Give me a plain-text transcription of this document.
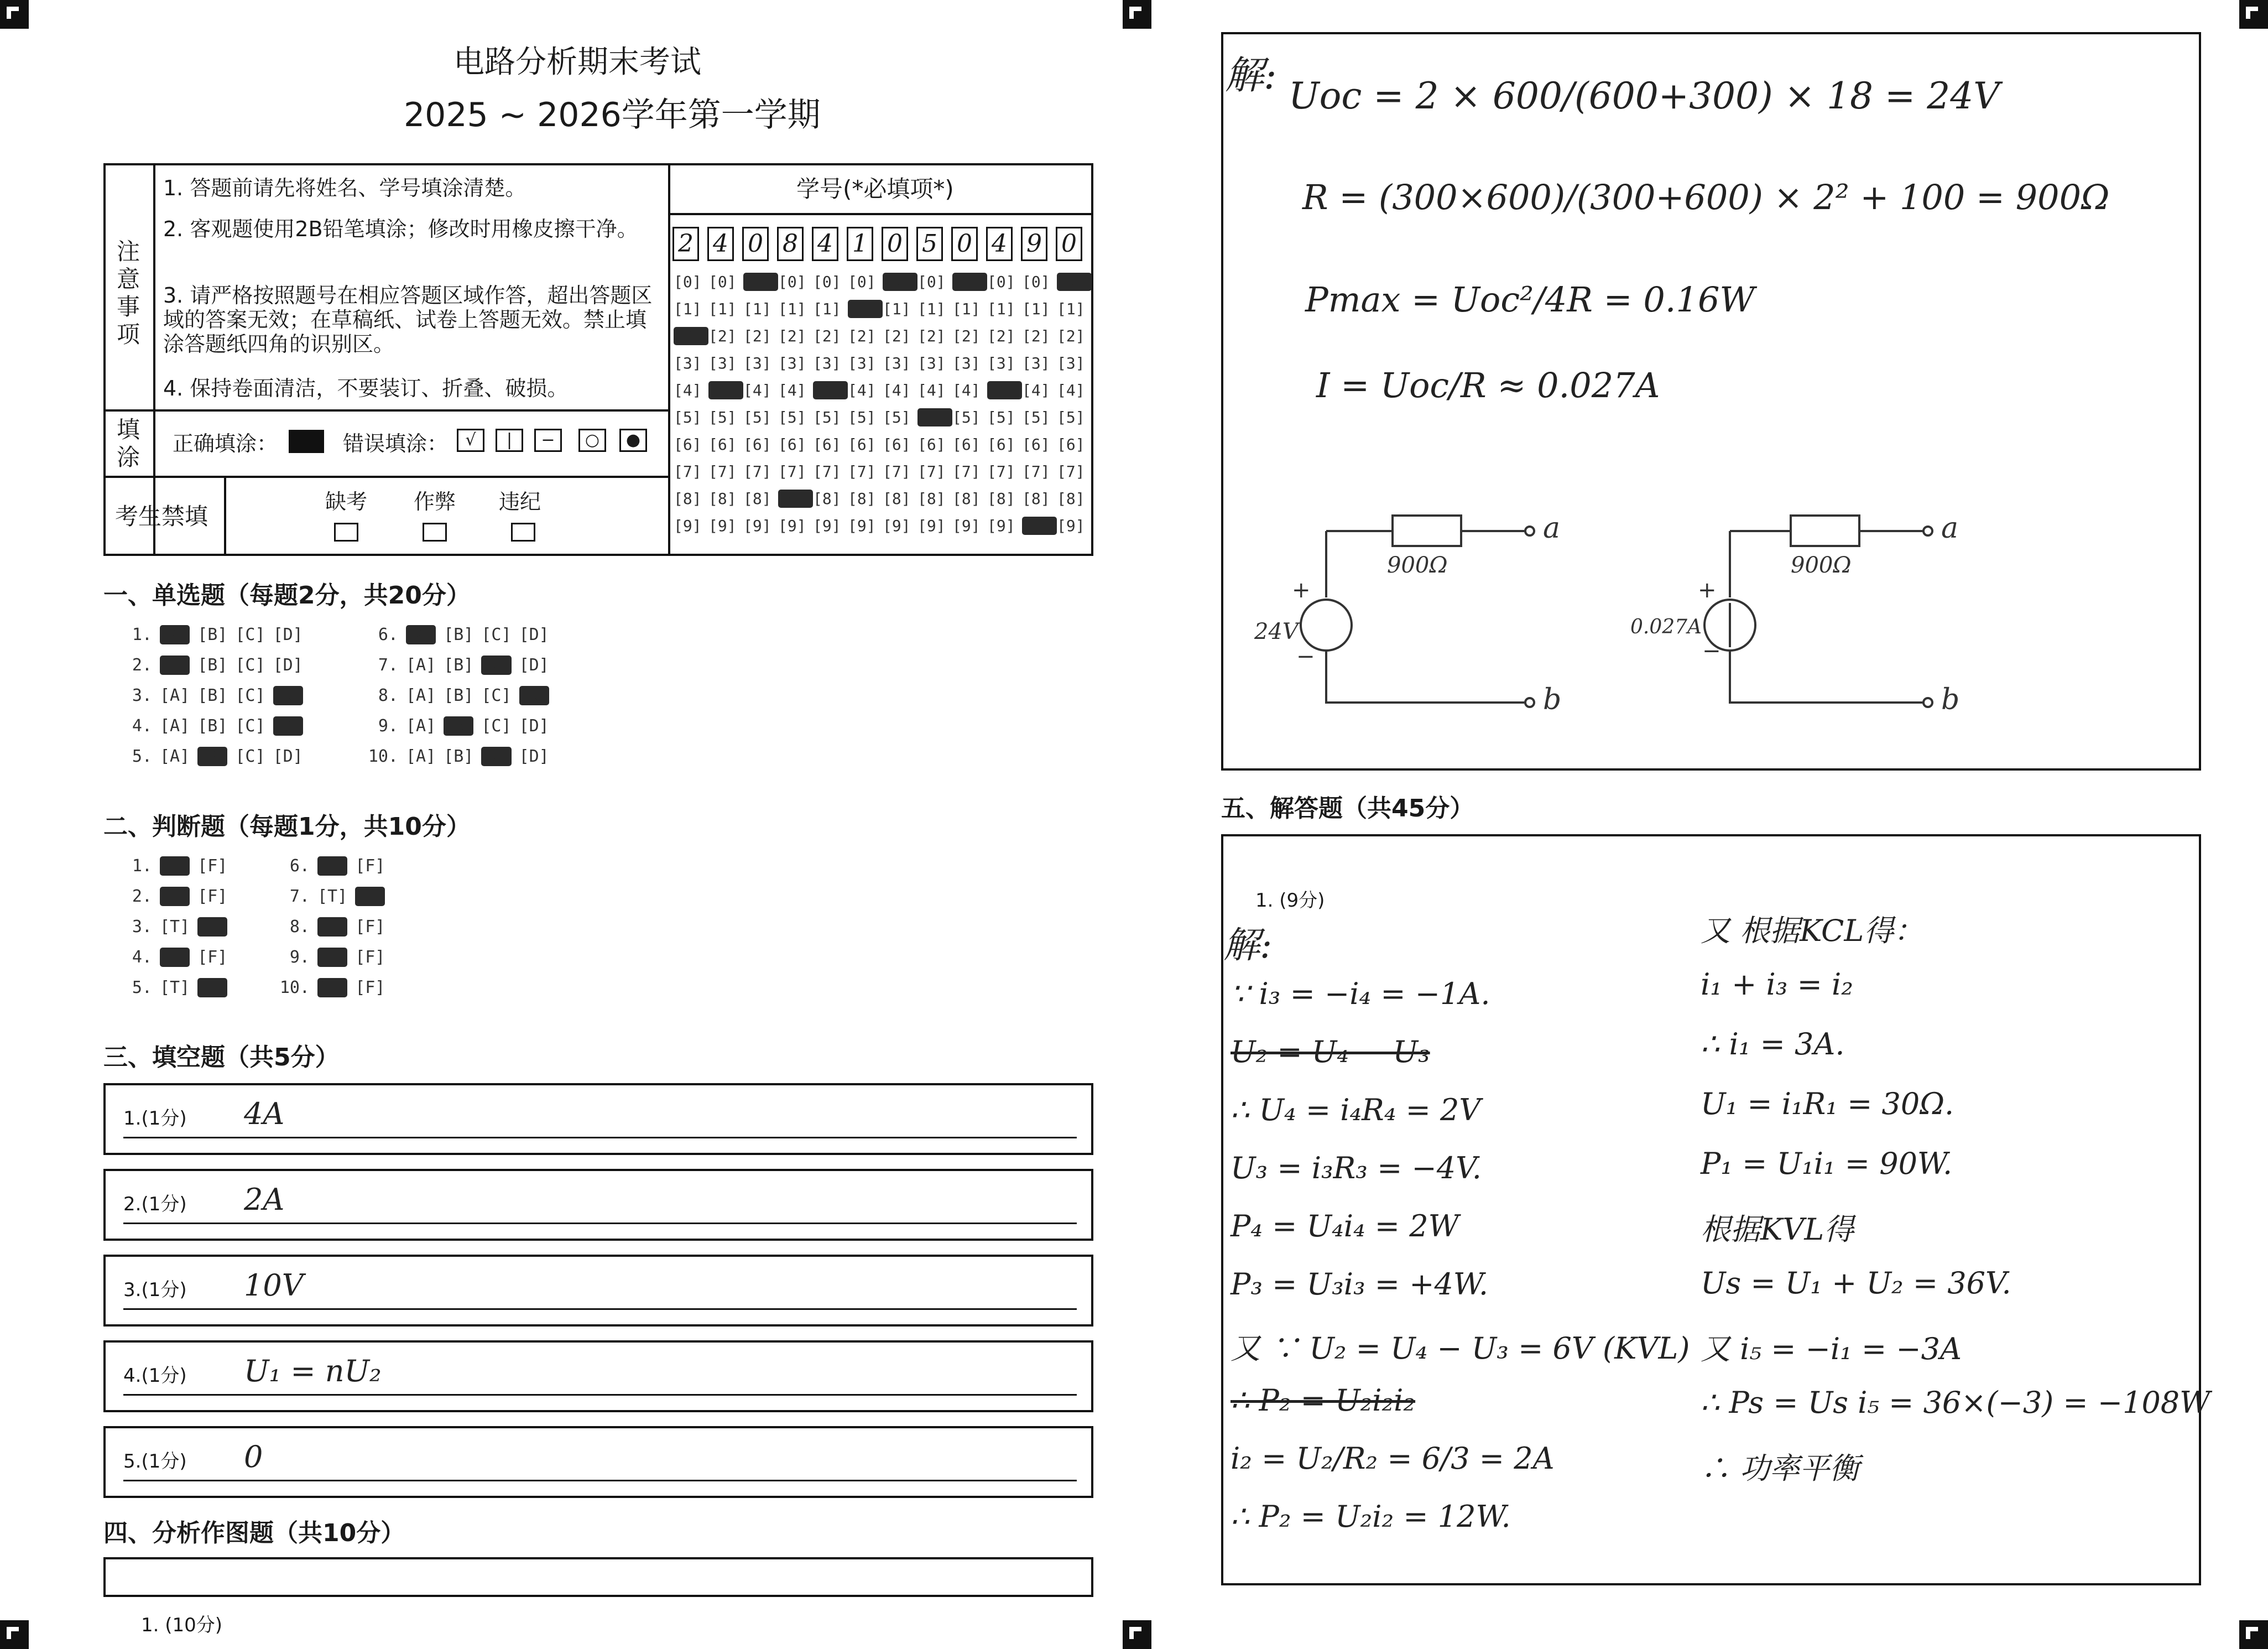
电路分析期末考试
2025 ~ 2026学年第一学期
注意事项
1. 答题前请先将姓名、学号填涂清楚。
2. 客观题使用2B铅笔填涂；修改时用橡皮擦干净。
3. 请严格按照题号在相应答题区域作答，超出答题区域的答案无效；在草稿纸、试卷上答题无效。禁止填涂答题纸四角的识别区。
4. 保持卷面清洁，不要装订、折叠、破损。
填涂 正确填涂：	错误填涂：	√	|	−	○	●
考生禁填
缺考 作弊 违纪
学号(*必填项*)
2 4 0 8 4 1 0 5 0 4 9 0
[0] [0] [0] [0] [0] [0] [0] [0] [0] [0] [0] [0]
[1] [1] [1] [1] [1] [1] [1] [1] [1] [1] [1] [1]
[2] [2] [2] [2] [2] [2] [2] [2] [2] [2] [2] [2]
[3] [3] [3] [3] [3] [3] [3] [3] [3] [3] [3] [3]
[4] [4] [4] [4] [4] [4] [4] [4] [4] [4] [4] [4]
[5] [5] [5] [5] [5] [5] [5] [5] [5] [5] [5] [5]
[6] [6] [6] [6] [6] [6] [6] [6] [6] [6] [6] [6]
[7] [7] [7] [7] [7] [7] [7] [7] [7] [7] [7] [7]
[8] [8] [8] [8] [8] [8] [8] [8] [8] [8] [8] [8]
[9] [9] [9] [9] [9] [9] [9] [9] [9] [9] [9] [9]
一、单选题（每题2分，共20分）
1. [A] [B] [C] [D]
2. [A] [B] [C] [D]
3. [A] [B] [C] [D]
4. [A] [B] [C] [D]
5. [A] [B] [C] [D]
6. [A] [B] [C] [D]
7. [A] [B] [C] [D]
8. [A] [B] [C] [D]
9. [A] [B] [C] [D]
10. [A] [B] [C] [D]
二、判断题（每题1分，共10分）
1. [T] [F]
2. [T] [F]
3. [T] [F]
4. [T] [F]
5. [T] [F]
6. [T] [F]
7. [T] [F]
8. [T] [F]
9. [T] [F]
10. [T] [F]
三、填空题（共5分）
1.(1分) 4A
2.(1分) 2A
3.(1分) 10V
4.(1分) U₁ = nU₂
5.(1分) 0
四、分析作图题（共10分）
1. (10分)
解: Uoc = 2 × 600/(600+300) × 18 = 24V
R = (300×600)/(300+600) × 2² + 100 = 900Ω
Pmax = Uoc²/4R = 0.16W
I = Uoc/R ≈ 0.027A
24V
900Ω
a
b
+
−
0.027A
900Ω
a
b
+
−
五、解答题（共45分）
1. (9分)
解:
∵ i₃ = −i₄ = −1A.
U₂ = U₄ − U₃
∴ U₄ = i₄R₄ = 2V
U₃ = i₃R₃ = −4V.
P₄ = U₄i₄ = 2W
P₃ = U₃i₃ = +4W.
又 ∵ U₂ = U₄ − U₃ = 6V (KVL)
∴ P₂ = U₂i₂i₂
i₂ = U₂/R₂ = 6/3 = 2A
∴ P₂ = U₂i₂ = 12W.
又 根据KCL得：
i₁ + i₃ = i₂
∴ i₁ = 3A.
U₁ = i₁R₁ = 30Ω.
P₁ = U₁i₁ = 90W.
根据KVL得
Us = U₁ + U₂ = 36V.
又 i₅ = −i₁ = −3A
∴ Ps = Us i₅ = 36×(−3) = −108W
∴ 功率平衡
